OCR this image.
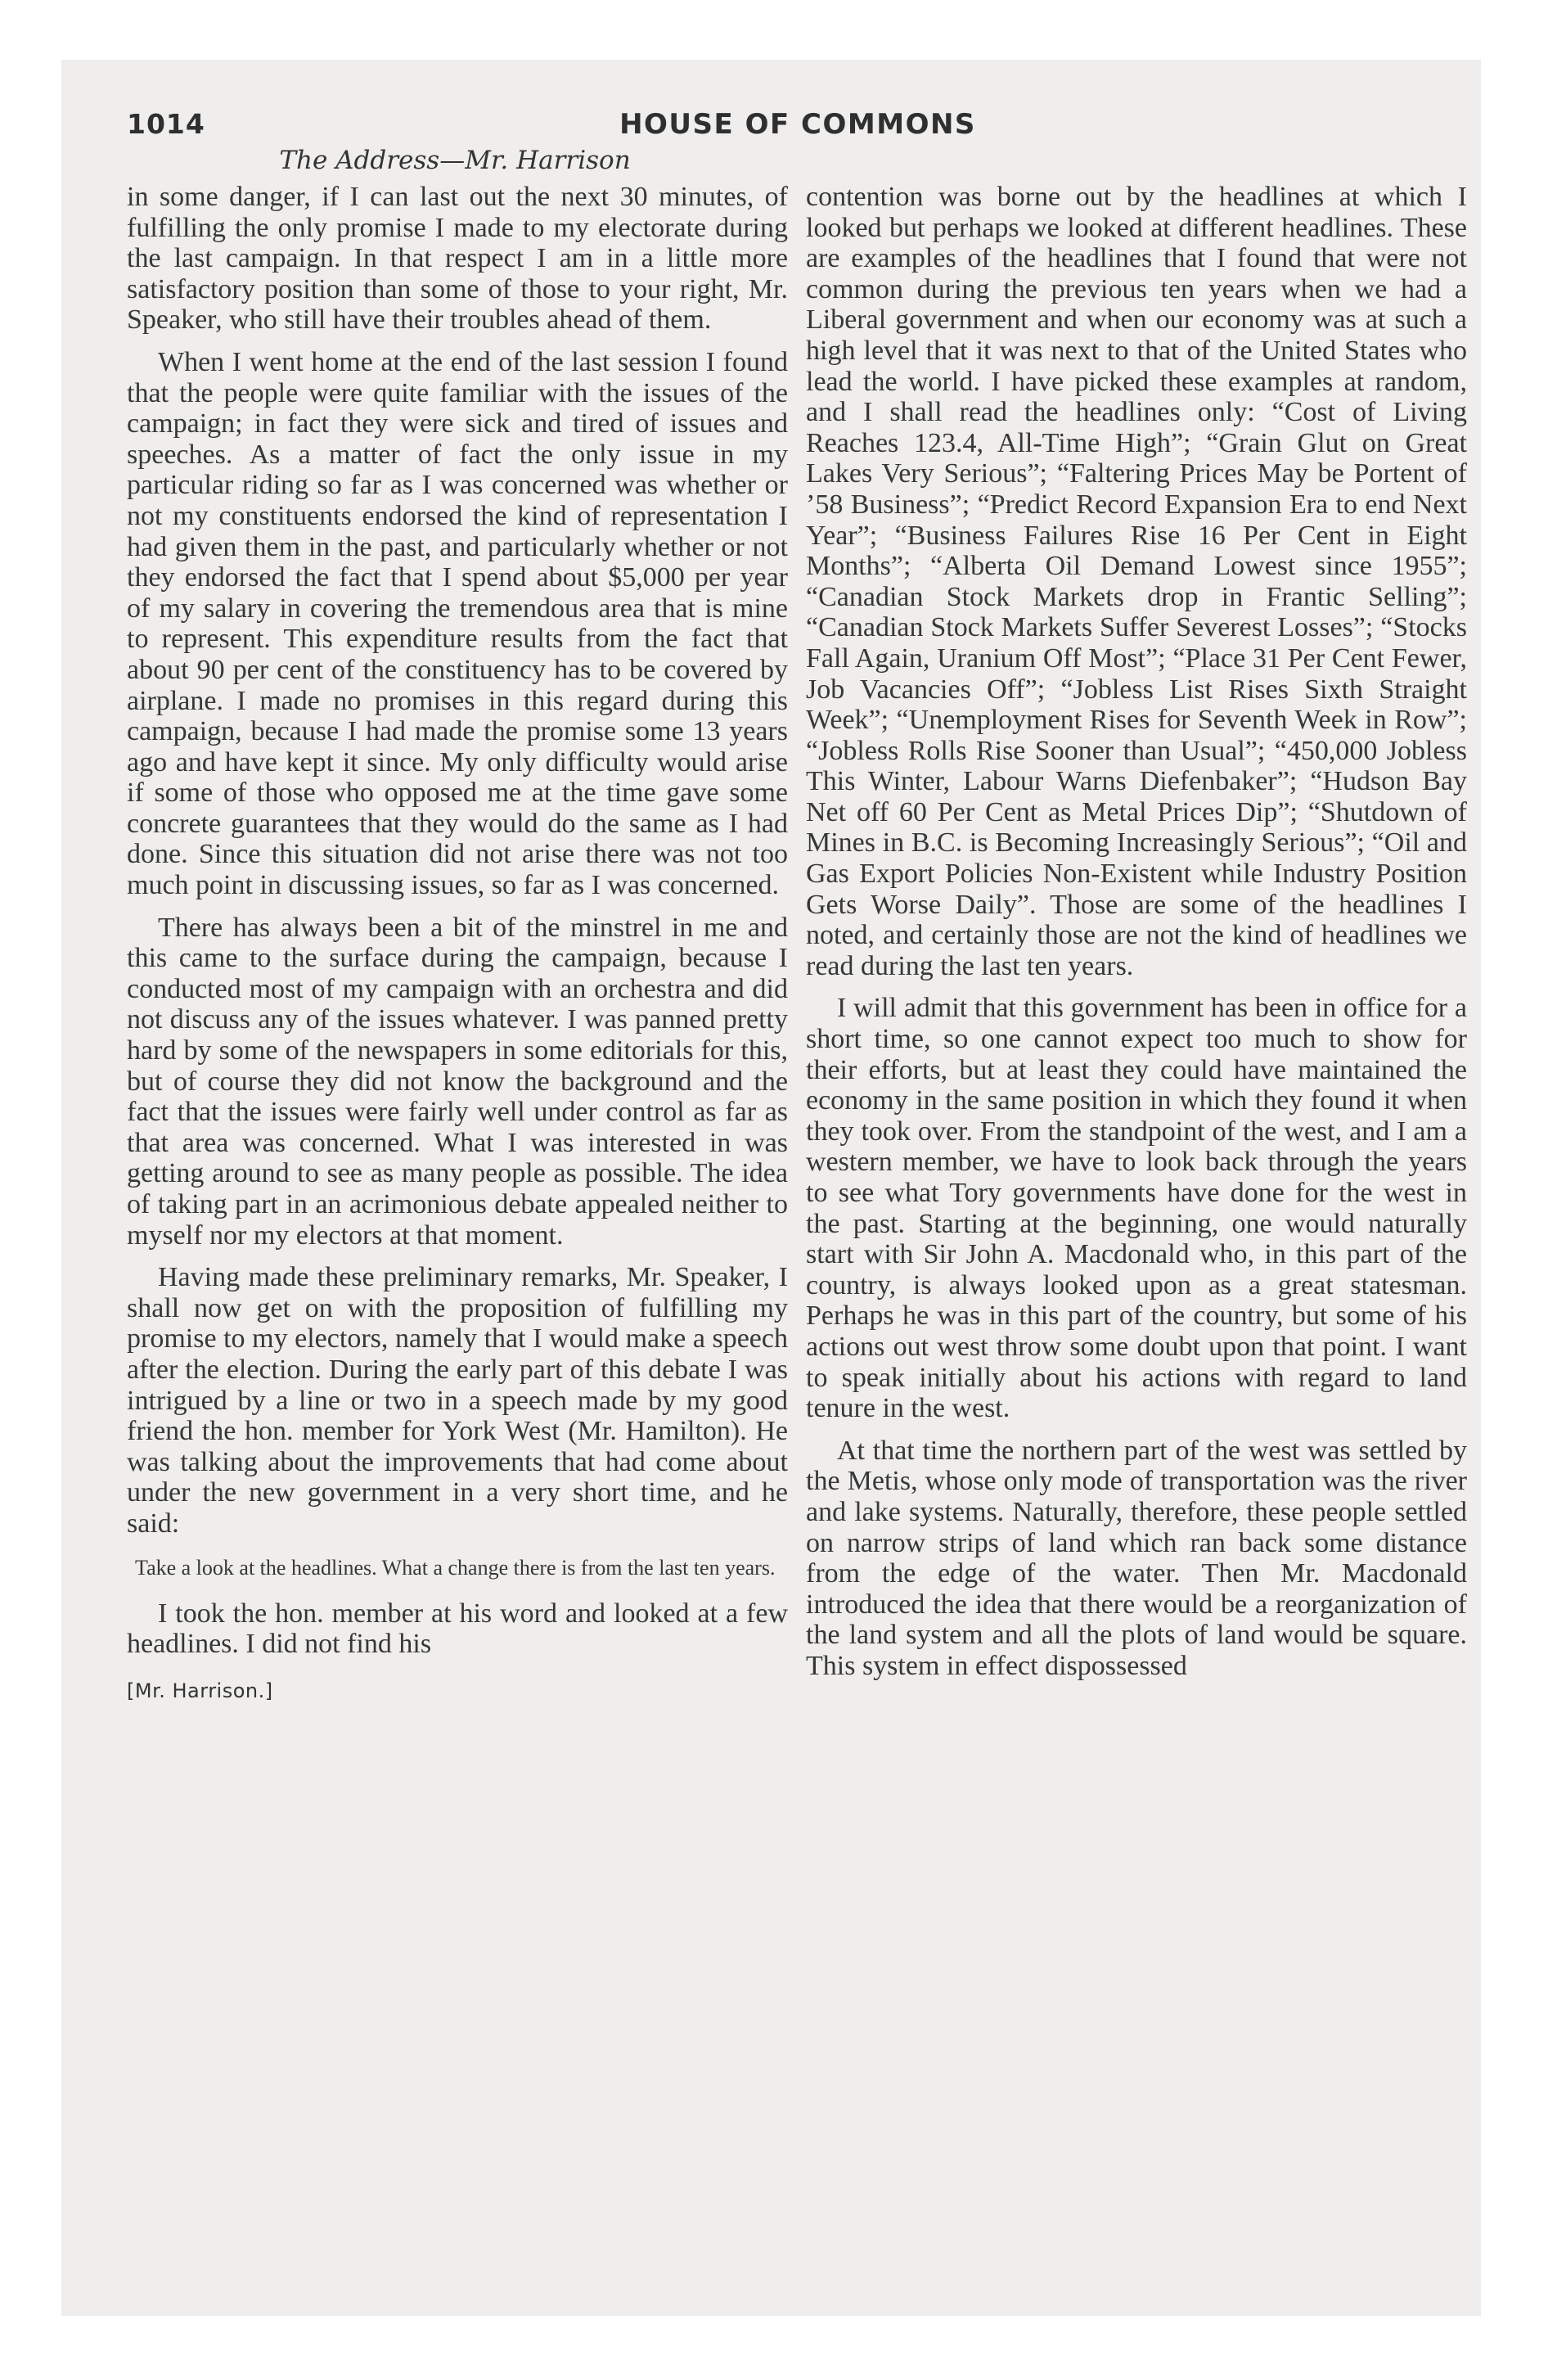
1014	HOUSE OF COMMONS
The Address—Mr. Harrison

in some danger, if I can last out the next 30 minutes, of fulfilling the only promise I made to my electorate during the last campaign. In that respect I am in a little more satisfactory position than some of those to your right, Mr. Speaker, who still have their troubles ahead of them.

When I went home at the end of the last session I found that the people were quite familiar with the issues of the campaign; in fact they were sick and tired of issues and speeches. As a matter of fact the only issue in my particular riding so far as I was concerned was whether or not my constituents endorsed the kind of representation I had given them in the past, and particularly whether or not they endorsed the fact that I spend about $5,000 per year of my salary in covering the tremendous area that is mine to represent. This expenditure results from the fact that about 90 per cent of the constituency has to be covered by airplane. I made no promises in this regard during this campaign, because I had made the promise some 13 years ago and have kept it since. My only difficulty would arise if some of those who opposed me at the time gave some concrete guarantees that they would do the same as I had done. Since this situation did not arise there was not too much point in discussing issues, so far as I was concerned.

There has always been a bit of the minstrel in me and this came to the surface during the campaign, because I conducted most of my campaign with an orchestra and did not discuss any of the issues whatever. I was panned pretty hard by some of the newspapers in some editorials for this, but of course they did not know the background and the fact that the issues were fairly well under control as far as that area was concerned. What I was interested in was getting around to see as many people as possible. The idea of taking part in an acrimonious debate appealed neither to myself nor my electors at that moment.

Having made these preliminary remarks, Mr. Speaker, I shall now get on with the proposition of fulfilling my promise to my electors, namely that I would make a speech after the election. During the early part of this debate I was intrigued by a line or two in a speech made by my good friend the hon. member for York West (Mr. Hamilton). He was talking about the improvements that had come about under the new government in a very short time, and he said:

Take a look at the headlines. What a change there is from the last ten years.

I took the hon. member at his word and looked at a few headlines. I did not find his

[Mr. Harrison.]

contention was borne out by the headlines at which I looked but perhaps we looked at different headlines. These are examples of the headlines that I found that were not common during the previous ten years when we had a Liberal government and when our economy was at such a high level that it was next to that of the United States who lead the world. I have picked these examples at random, and I shall read the headlines only: “Cost of Living Reaches 123.4, All-Time High”; “Grain Glut on Great Lakes Very Serious”; “Faltering Prices May be Portent of ’58 Business”; “Predict Record Expansion Era to end Next Year”; “Business Failures Rise 16 Per Cent in Eight Months”; “Alberta Oil Demand Lowest since 1955”; “Canadian Stock Markets drop in Frantic Selling”; “Canadian Stock Markets Suffer Severest Losses”; “Stocks Fall Again, Uranium Off Most”; “Place 31 Per Cent Fewer, Job Vacancies Off”; “Jobless List Rises Sixth Straight Week”; “Unemployment Rises for Seventh Week in Row”; “Jobless Rolls Rise Sooner than Usual”; “450,000 Jobless This Winter, Labour Warns Diefenbaker”; “Hudson Bay Net off 60 Per Cent as Metal Prices Dip”; “Shutdown of Mines in B.C. is Becoming Increasingly Serious”; “Oil and Gas Export Policies Non-Existent while Industry Position Gets Worse Daily”. Those are some of the headlines I noted, and certainly those are not the kind of headlines we read during the last ten years.

I will admit that this government has been in office for a short time, so one cannot expect too much to show for their efforts, but at least they could have maintained the economy in the same position in which they found it when they took over. From the standpoint of the west, and I am a western member, we have to look back through the years to see what Tory governments have done for the west in the past. Starting at the beginning, one would naturally start with Sir John A. Macdonald who, in this part of the country, is always looked upon as a great statesman. Perhaps he was in this part of the country, but some of his actions out west throw some doubt upon that point. I want to speak initially about his actions with regard to land tenure in the west.

At that time the northern part of the west was settled by the Metis, whose only mode of transportation was the river and lake systems. Naturally, therefore, these people settled on narrow strips of land which ran back some distance from the edge of the water. Then Mr. Macdonald introduced the idea that there would be a reorganization of the land system and all the plots of land would be square. This system in effect dispossessed
